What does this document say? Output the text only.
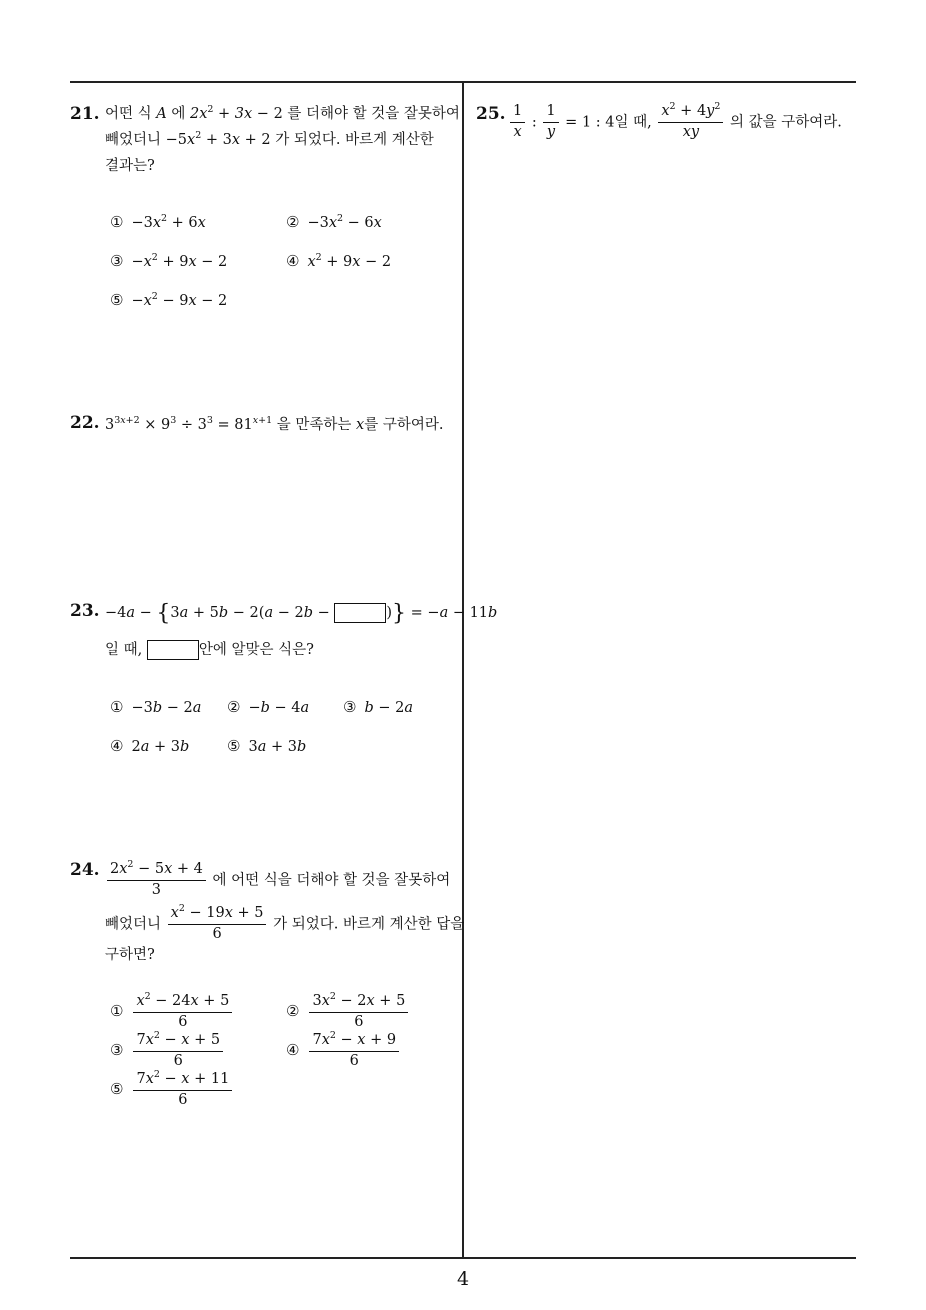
21. 어떤 식 A 에 $2x^2 + 3x - 2$ 를 더해야 할 것을 잘못하여
빼었더니 $-5x^2 + 3x + 2$ 가 되었다. 바르게 계산한
결과는?
① $-3x^2 + 6x$	② $-3x^2 - 6x$
③ $-x^2 + 9x - 2$	④ $x^2 + 9x - 2$
⑤ $-x^2 - 9x - 2$
22. $3^{3x+2} \times 9^3 \div 3^3 = 81^{x+1}$ 을 만족하는 x를 구하여라.
23. −4a − {3a + 5b − 2(a − 2b −	)} = −a − 11b
일 때,	안에 알맞은 식은?
① −3b − 2a ② −b − 4a ③ b − 2a
④ 2a + 3b	⑤ 3a + 3b
24. $\frac{2x^2 - 5x + 4}{3}$ 에 어떤 식을 더해야 할 것을 잘못하여
빼었더니 $\frac{x^2 - 19x + 5}{6}$ 가 되었다. 바르게 계산한 답을
구하면?
① $\frac{x^2 - 24x + 5}{6}$	② $\frac{3x^2 - 2x + 5}{6}$
③ $\frac{7x^2 - x + 5}{6}$	④ $\frac{7x^2 - x + 9}{6}$
⑤ $\frac{7x^2 - x + 11}{6}$
25. $\frac{1}{x}$ : $\frac{1}{y} = 1$ : 4일 때, $\frac{x^2 + 4y^2}{xy}$ 의 값을 구하여라.
4
